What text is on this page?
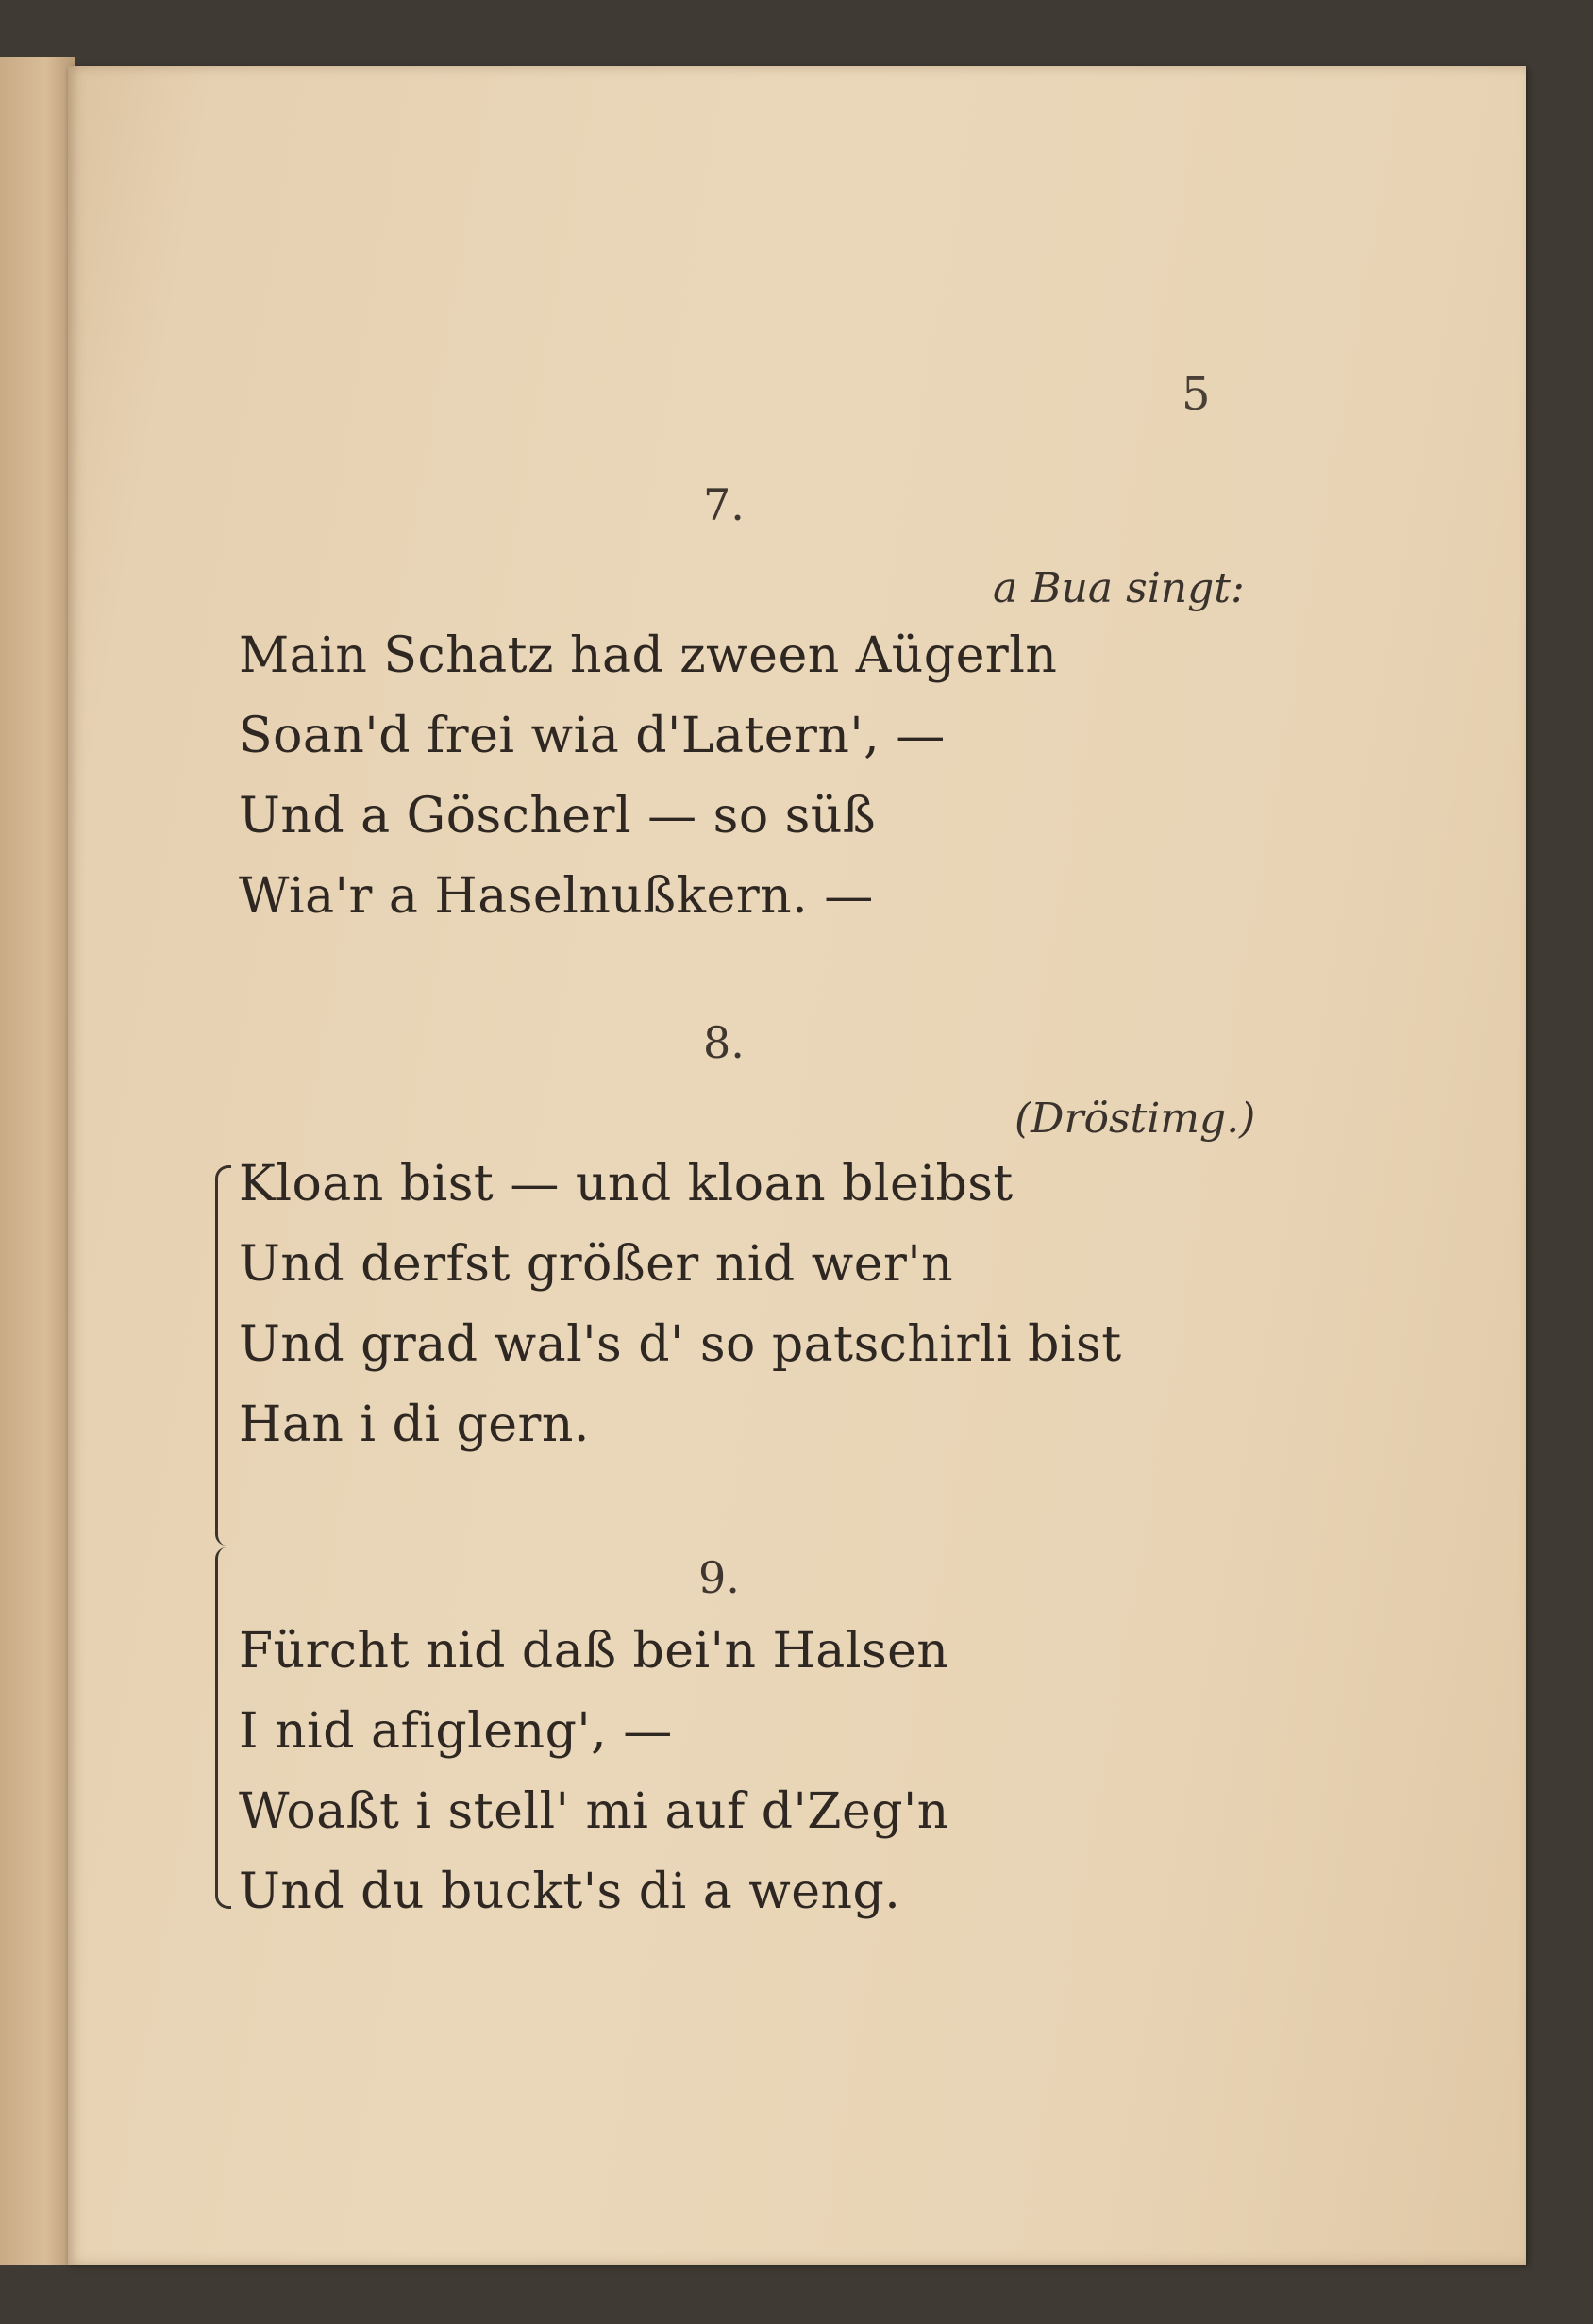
5
7.
a Bua singt:
Main Schatz had zween Aügerln
Soan'd frei wia d'Latern', —
Und a Göscherl — so süß
Wia'r a Haselnußkern. —
8.
(Dröstimg.)
Kloan bist — und kloan bleibst
Und derfst größer nid wer'n
Und grad wal's d' so patschirli bist
Han i di gern.
9.
Fürcht nid daß bei'n Halsen
I nid afigleng', —
Woaßt i stell' mi auf d'Zeg'n
Und du buckt's di a weng.
